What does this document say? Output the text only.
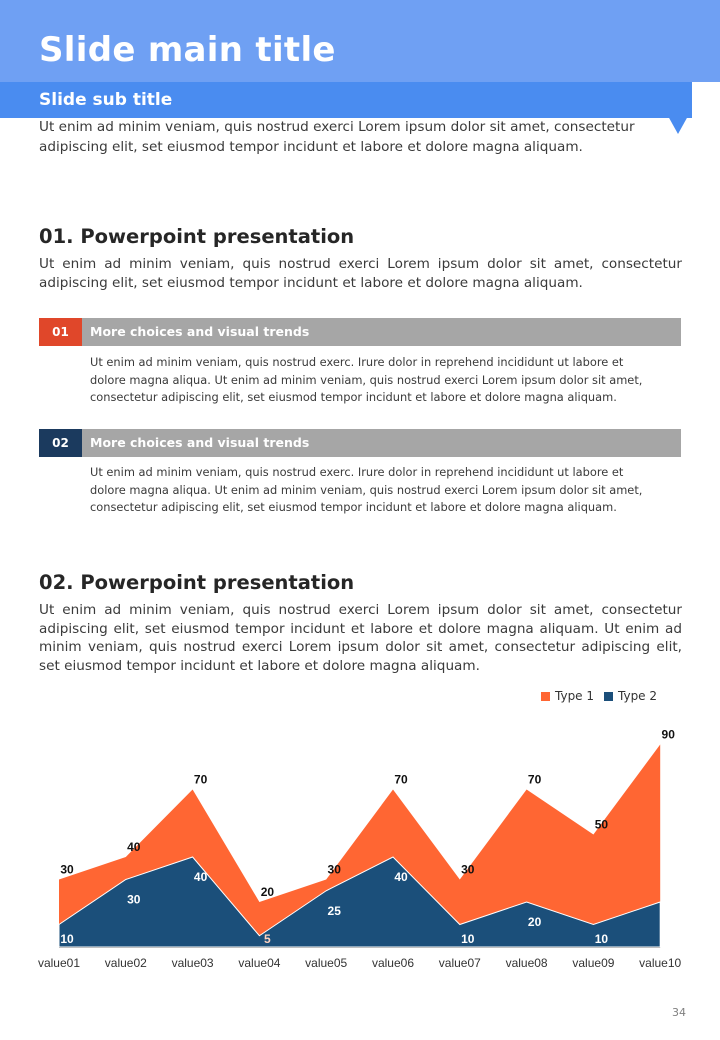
Slide main title
Slide sub title

Ut enim ad minim veniam, quis nostrud exerci Lorem ipsum dolor sit amet, consectetur adipiscing elit, set eiusmod tempor incidunt et labore et dolore magna aliquam.

01. Powerpoint presentation

Ut enim ad minim veniam, quis nostrud exerci Lorem ipsum dolor sit amet, consectetur adipiscing elit, set eiusmod tempor incidunt et labore et dolore magna aliquam.

01	More choices and visual trends

Ut enim ad minim veniam, quis nostrud exerc. Irure dolor in reprehend incididunt ut labore et dolore magna aliqua. Ut enim ad minim veniam, quis nostrud exerci Lorem ipsum dolor sit amet, consectetur adipiscing elit, set eiusmod tempor incidunt et labore et dolore magna aliquam.

02	More choices and visual trends

Ut enim ad minim veniam, quis nostrud exerc. Irure dolor in reprehend incididunt ut labore et dolore magna aliqua. Ut enim ad minim veniam, quis nostrud exerci Lorem ipsum dolor sit amet, consectetur adipiscing elit, set eiusmod tempor incidunt et labore et dolore magna aliquam.

02. Powerpoint presentation

Ut enim ad minim veniam, quis nostrud exerci Lorem ipsum dolor sit amet, consectetur adipiscing elit, set eiusmod tempor incidunt et labore et dolore magna aliquam. Ut enim ad minim veniam, quis nostrud exerci Lorem ipsum dolor sit amet, consectetur adipiscing elit, set eiusmod tempor incidunt et labore et dolore magna aliquam.

Type 1	Type 2
value01 value02 value03 value04 value05 value06 value07 value08 value09 value10
30
40
70
20
30
70
30
70
50
90
10
30
40
5
25
40
10
20
10
20
34
